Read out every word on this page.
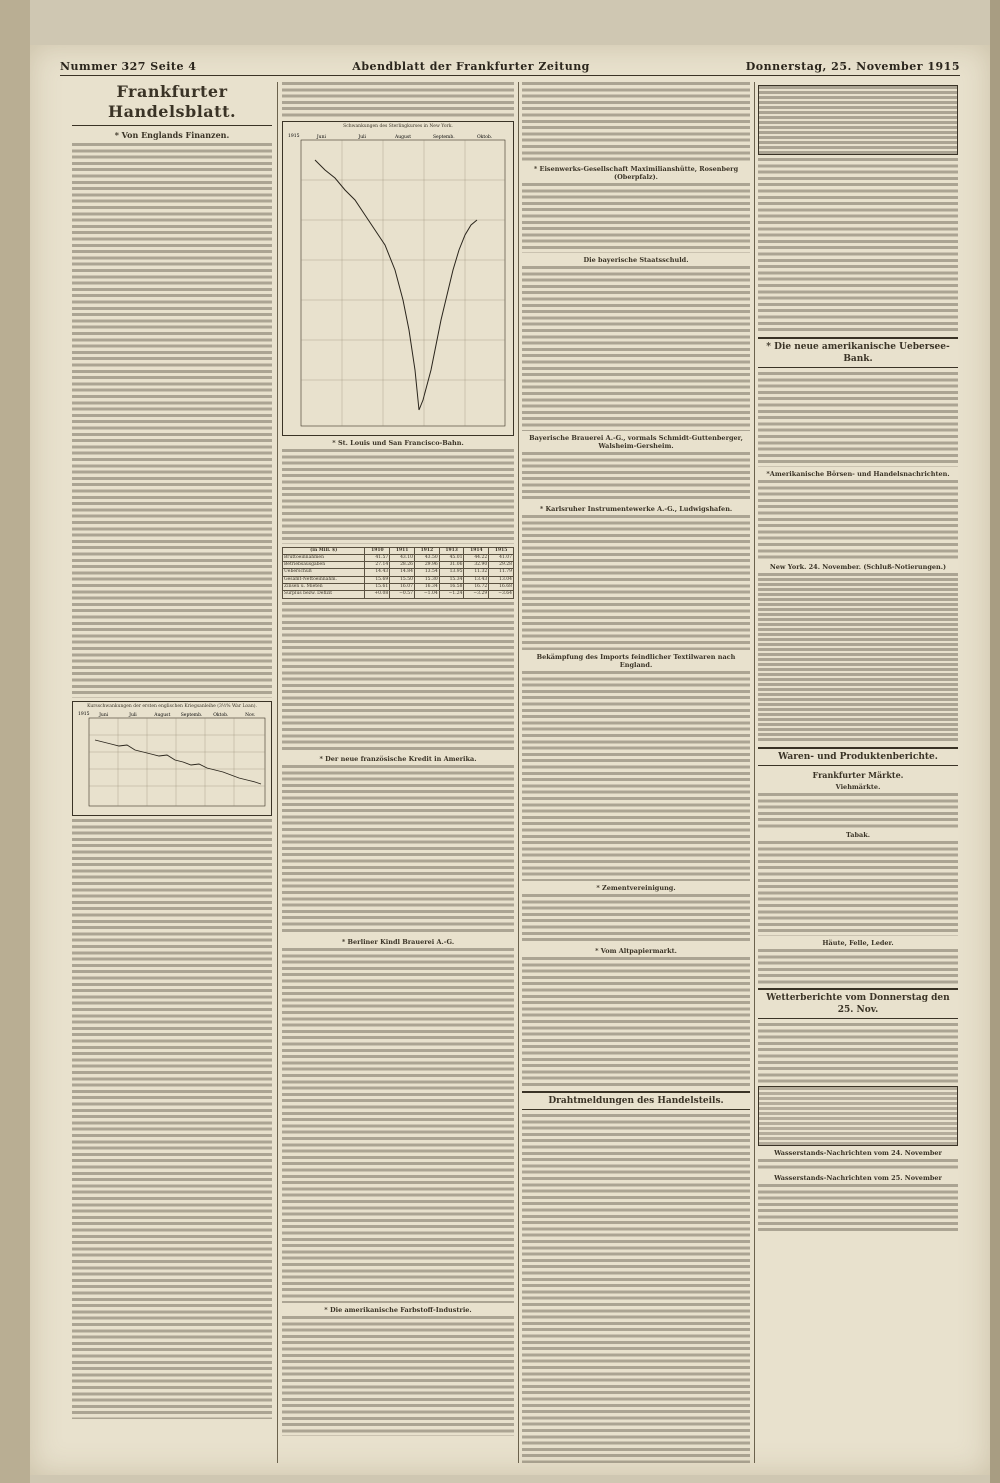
Nummer 327 Seite 4	Abendblatt der Frankfurter Zeitung	Donnerstag, 25. November 1915
Frankfurter Handelsblatt.
* Von Englands Finanzen.
Kursschwankungen der ersten englischen Kriegsanleihe (3½% War Loan).
Juni	Juli	August Septemb. Oktob.	Nov.
1915
Schwankungen des Sterlingkurses in New York.
Juni	Juli	August	Septemb.	Oktob.
1915
* St. Louis und San Francisco-Bahn.
(in Mill. $)	1910	1911	1912	1913	1914	1915
Bruttoeinnahmen	41.57	43.10	43.50	45.01	44.22	41.07
Betriebsausgaben	27.14	28.26	29.96	31.06	32.90	29.28
Ueberschuß	14.43	14.84	13.54	13.95	11.32	11.79
Gesamt-Nettoeinnahm.	15.69	15.50	15.30	15.34	13.43	13.04
Zinsen u. Mieten	15.61	16.07	16.34	16.58	16.72	16.68
Surplus bezw. Defizit	+0.08	−0.57	−1.04	−1.24	−3.29	−3.64
* Der neue französische Kredit in Amerika.
* Berliner Kindl Brauerei A.-G.
* Die amerikanische Farbstoff-Industrie.
* Eisenwerks-Gesellschaft Maximilianshütte, Rosenberg (Oberpfalz).
Die bayerische Staatsschuld.
Bayerische Brauerei A.-G., vormals Schmidt-Guttenberger, Walsheim-Gersheim.
* Karlsruher Instrumentewerke A.-G., Ludwigshafen.
Bekämpfung des Imports feindlicher Textilwaren nach England.
* Zementvereinigung.
* Vom Altpapiermarkt.
Drahtmeldungen des Handelsteils.
* Die neue amerikanische Uebersee-Bank.
*Amerikanische Börsen- und Handelsnachrichten.
New York. 24. November. (Schluß-Notierungen.)
Waren- und Produktenberichte.
Frankfurter Märkte.
Viehmärkte.
Tabak.
Häute, Felle, Leder.
Wetterberichte vom Donnerstag den 25. Nov.
Wasserstands-Nachrichten vom 24. November
Wasserstands-Nachrichten vom 25. November
